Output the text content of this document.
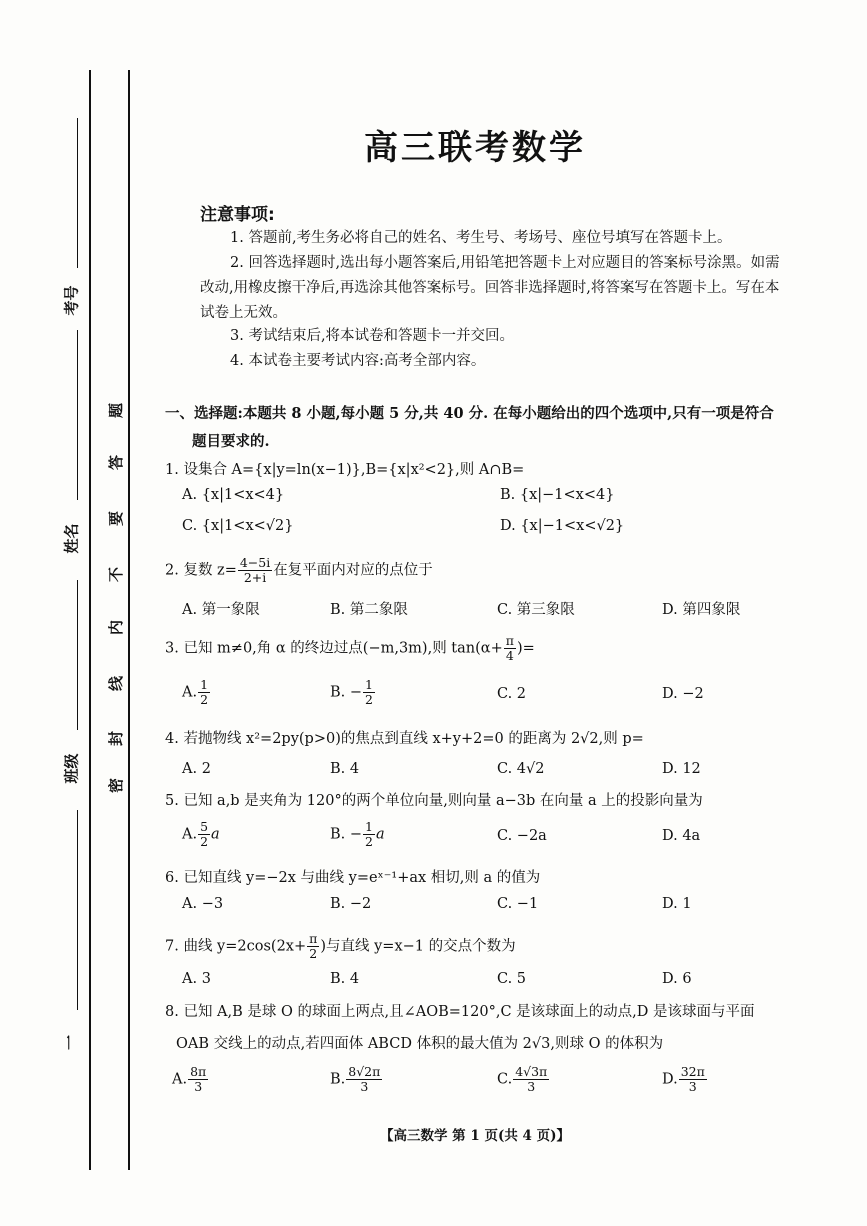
考号
姓名
班级
一
密
封
线
内
不
要
答
题
高三联考数学
注意事项:
1. 答题前,考生务必将自己的姓名、考生号、考场号、座位号填写在答题卡上。
2. 回答选择题时,选出每小题答案后,用铅笔把答题卡上对应题目的答案标号涂黑。如需改动,用橡皮擦干净后,再选涂其他答案标号。回答非选择题时,将答案写在答题卡上。写在本试卷上无效。
3. 考试结束后,将本试卷和答题卡一并交回。
4. 本试卷主要考试内容:高考全部内容。
一、选择题:本题共 8 小题,每小题 5 分,共 40 分. 在每小题给出的四个选项中,只有一项是符合
题目要求的.
1. 设集合 A={x|y=ln(x−1)},B={x|x²<2},则 A∩B=
A. {x|1<x<4}	B. {x|−1<x<4}
C. {x|1<x<√2}	D. {x|−1<x<√2}
2. 复数 $z= \frac{4-5i}{2+i}$ 在复平面内对应的点位于
A. 第一象限	B. 第二象限	C. 第三象限	D. 第四象限
3. 已知 m≠0,角 α 的终边过点(−m,3m),则 $\tan(\alpha+ \frac{\pi}{4}$ )=
A. $\frac{1}{2}$	B. − $\frac{1}{2}$	C. 2	D. −2
4. 若抛物线 x²=2py(p>0)的焦点到直线 x+y+2=0 的距离为 2√2,则 p=
A. 2	B. 4	C. 4√2	D. 12
5. 已知 a,b 是夹角为 120°的两个单位向量,则向量 a−3b 在向量 a 上的投影向量为
A. $\frac{5}{2}$ a	B. − $\frac{1}{2}$ a	C. −2a	D. 4a
6. 已知直线 y=−2x 与曲线 y=eˣ⁻¹+ax 相切,则 a 的值为
A. −3	B. −2	C. −1	D. 1
7. 曲线 $y=2\cos(2x+ \frac{\pi}{2}$ )与直线 y=x−1 的交点个数为
A. 3	B. 4	C. 5	D. 6
8. 已知 A,B 是球 O 的球面上两点,且∠AOB=120°,C 是该球面上的动点,D 是该球面与平面
OAB 交线上的动点,若四面体 ABCD 体积的最大值为 2√3,则球 O 的体积为
A. $\frac{8\pi}{3}$	B. $\frac{8√2\pi}{3}$	C. $\frac{4√3\pi}{3}$	D. $\frac{32\pi}{3}$
【高三数学 第 1 页(共 4 页)】
